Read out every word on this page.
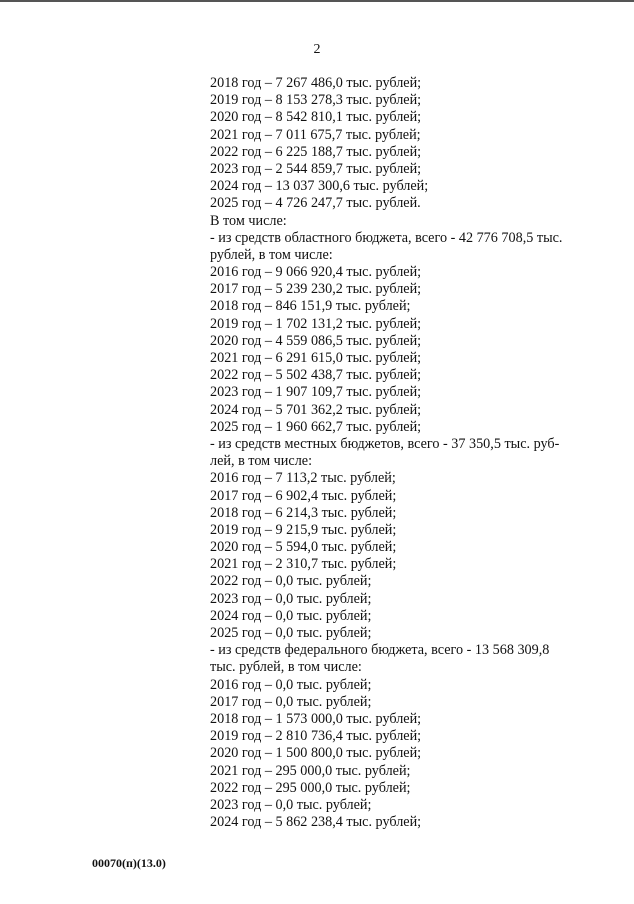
2
2018 год – 7 267 486,0 тыс. рублей;
2019 год – 8 153 278,3 тыс. рублей;
2020 год – 8 542 810,1 тыс. рублей;
2021 год – 7 011 675,7 тыс. рублей;
2022 год – 6 225 188,7 тыс. рублей;
2023 год – 2 544 859,7 тыс. рублей;
2024 год – 13 037 300,6 тыс. рублей;
2025 год – 4 726 247,7 тыс. рублей.
В том числе:
- из средств областного бюджета, всего - 42 776 708,5 тыс.
рублей, в том числе:
2016 год – 9 066 920,4 тыс. рублей;
2017 год – 5 239 230,2 тыс. рублей;
2018 год – 846 151,9 тыс. рублей;
2019 год – 1 702 131,2 тыс. рублей;
2020 год – 4 559 086,5 тыс. рублей;
2021 год – 6 291 615,0 тыс. рублей;
2022 год – 5 502 438,7 тыс. рублей;
2023 год – 1 907 109,7 тыс. рублей;
2024 год – 5 701 362,2 тыс. рублей;
2025 год – 1 960 662,7 тыс. рублей;
- из средств местных бюджетов, всего - 37 350,5 тыс. руб-
лей, в том числе:
2016 год – 7 113,2 тыс. рублей;
2017 год – 6 902,4 тыс. рублей;
2018 год – 6 214,3 тыс. рублей;
2019 год – 9 215,9 тыс. рублей;
2020 год – 5 594,0 тыс. рублей;
2021 год – 2 310,7 тыс. рублей;
2022 год – 0,0 тыс. рублей;
2023 год – 0,0 тыс. рублей;
2024 год – 0,0 тыс. рублей;
2025 год – 0,0 тыс. рублей;
- из средств федерального бюджета, всего - 13 568 309,8
тыс. рублей, в том числе:
2016 год – 0,0 тыс. рублей;
2017 год – 0,0 тыс. рублей;
2018 год – 1 573 000,0 тыс. рублей;
2019 год – 2 810 736,4 тыс. рублей;
2020 год – 1 500 800,0 тыс. рублей;
2021 год – 295 000,0 тыс. рублей;
2022 год – 295 000,0 тыс. рублей;
2023 год – 0,0 тыс. рублей;
2024 год – 5 862 238,4 тыс. рублей;
00070(п)(13.0)
